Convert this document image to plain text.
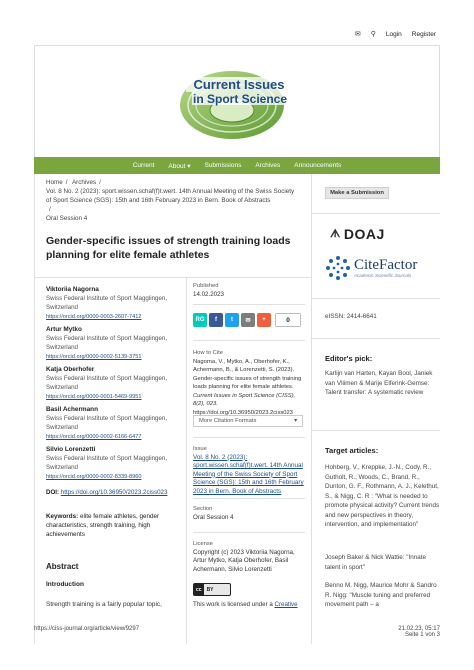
✉ ⚲ Login Register
Current Issues
in Sport Science
Current About ▾ Submissions Archives Announcements
Home / Archives /
Vol. 8 No. 2 (2023): sport.wissen.schaf(f)t.wert. 14th Annual Meeting of the Swiss Society of Sport Science (SGS): 15th and 16th February 2023 in Bern. Book of Abstracts
/
Oral Session 4
Gender-specific issues of strength training loads planning for elite female athletes
Viktoriia Nagorna
Swiss Federal Institute of Sport Magglingen, Switzerland
https://orcid.org/0000-0003-2607-7412
Artur Mytko
Swiss Federal Institute of Sport Magglingen, Switzerland
https://orcid.org/0000-0002-5139-3751
Katja Oberhofer
Swiss Federal Institute of Sport Magglingen, Switzerland
https://orcid.org/0000-0001-5469-9951
Basil Achermann
Swiss Federal Institute of Sport Magglingen, Switzerland
https://orcid.org/0000-0002-6166-6477
Silvio Lorenzetti
Swiss Federal Institute of Sport Magglingen, Switzerland
https://orcid.org/0000-0002-8339-8960
DOI: https://doi.org/10.36950/2023.2ciss023
Keywords: elite female athletes, gender characteristics, strength training, high achievements
Abstract
Introduction
Strength training is a fairly popular topic,
Published
14.02.2023
RG	f	t	✉	+	0
How to Cite
Nagorna, V., Mytko, A., Oberhofer, K., Achermann, B., & Lorenzetti, S. (2023). Gender-specific issues of strength training loads planning for elite female athletes.
Current Issues in Sport Science (CISS), 8(2), 023. https://doi.org/10.36950/2023.2ciss023
More Citation Formats	▾
Issue
Vol. 8 No. 2 (2023): sport.wissen.schaf(f)t.wert. 14th Annual Meeting of the Swiss Society of Sport Science (SGS): 15th and 16th February 2023 in Bern. Book of Abstracts
Section
Oral Session 4
License
Copyright (c) 2023 Viktoriia Nagorna, Artur Mytko, Katja Oberhofer, Basil Achermann, Silvio Lorenzetti
cc	BY
This work is licensed under a Creative
Make a Submission
ᗑ DOAJ
CiteFactor
Academic Scientific Journals
eISSN: 2414-6641
Editor's pick:
Karlijn van Harten, Kayan Bool, Janiek van Vliimen & Marije Elferink-Gemse: Talent transfer: A systematic review
Target articles:
Hohberg, V., Kreppke, J.-N., Cody, R., Gutholt, R., Woods, C., Brand, R., Dunton, G. F., Rothmann, A. J., Kelethut, S., & Nigg, C. R : "What is needed to promote physical activity? Current trends and new perspectives in theory, intervention, and implementation"
Joseph Baker & Nick Wattie: "Innate talent in sport"
Benno M. Nigg, Maurice Mohr & Sandro R. Nigg: "Muscle tuning and preferred movement path – a
https://ciss-journal.org/article/view/9297	21.02.23, 05:17
Seite 1 von 3
